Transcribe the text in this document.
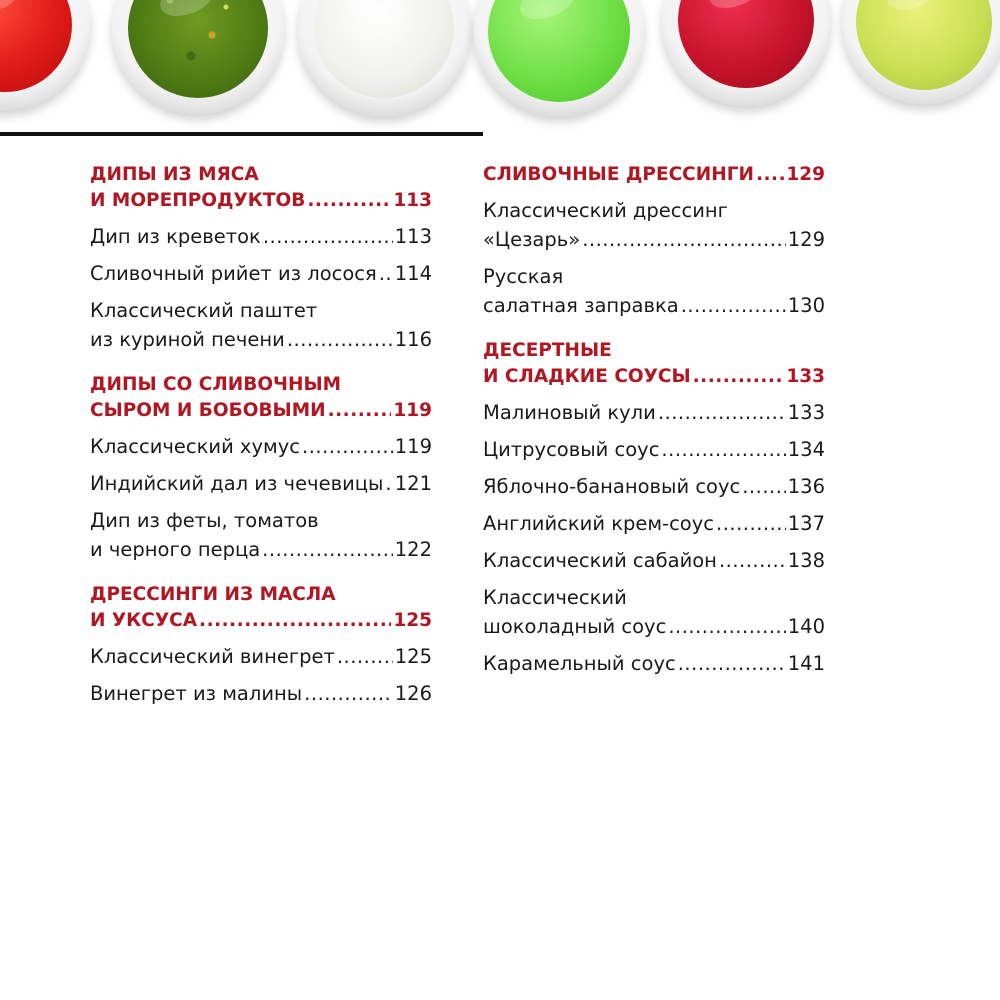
ДИПЫ ИЗ МЯСА
И МОРЕПРОДУКТОВ .....	113
Дип из креветок .....	113
Сливочный рийет из лосося ..... 114
Классический паштет
из куриной печени .....	116
ДИПЫ СО СЛИВОЧНЫМ
СЫРОМ И БОБОВЫМИ .....	119
Классический хумус .....	119
Индийский дал из чечевицы ..... 121
Дип из феты, томатов
и черного перца .....	122
ДРЕССИНГИ ИЗ МАСЛА
И УКСУСА .....	125
Классический винегрет .....	125
Винегрет из малины .....	126
СЛИВОЧНЫЕ ДРЕССИНГИ ..... 129
Классический дрессинг
«Цезарь» .....	129
Русская
салатная заправка .....	130
ДЕСЕРТНЫЕ
И СЛАДКИЕ СОУСЫ .....	133
Малиновый кули .....	133
Цитрусовый соус .....	134
Яблочно-банановый соус ..... 136
Английский крем-соус .....	137
Классический сабайон .....	138
Классический
шоколадный соус .....	140
Карамельный соус .....	141
